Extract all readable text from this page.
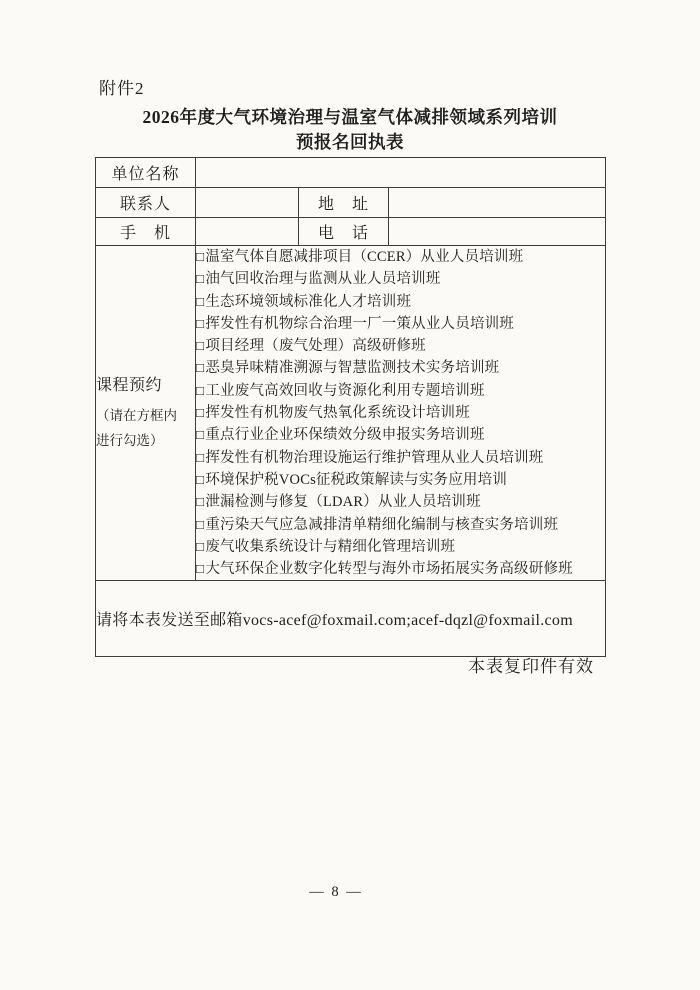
附件2
2026年度大气环境治理与温室气体减排领域系列培训
预报名回执表
单位名称			
联系人		地　址	
手　机		电　话	

课程预约
（请在方框内
进行勾选）

□温室气体自愿减排项目（CCER）从业人员培训班
□油气回收治理与监测从业人员培训班
□生态环境领域标准化人才培训班
□挥发性有机物综合治理一厂一策从业人员培训班
□项目经理（废气处理）高级研修班
□恶臭异味精准溯源与智慧监测技术实务培训班
□工业废气高效回收与资源化利用专题培训班
□挥发性有机物废气热氧化系统设计培训班
□重点行业企业环保绩效分级申报实务培训班
□挥发性有机物治理设施运行维护管理从业人员培训班
□环境保护税VOCs征税政策解读与实务应用培训
□泄漏检测与修复（LDAR）从业人员培训班
□重污染天气应急减排清单精细化编制与核查实务培训班
□废气收集系统设计与精细化管理培训班
□大气环保企业数字化转型与海外市场拓展实务高级研修班

请将本表发送至邮箱vocs-acef@foxmail.com;acef-dqzl@foxmail.com			
本表复印件有效
— 8 —
